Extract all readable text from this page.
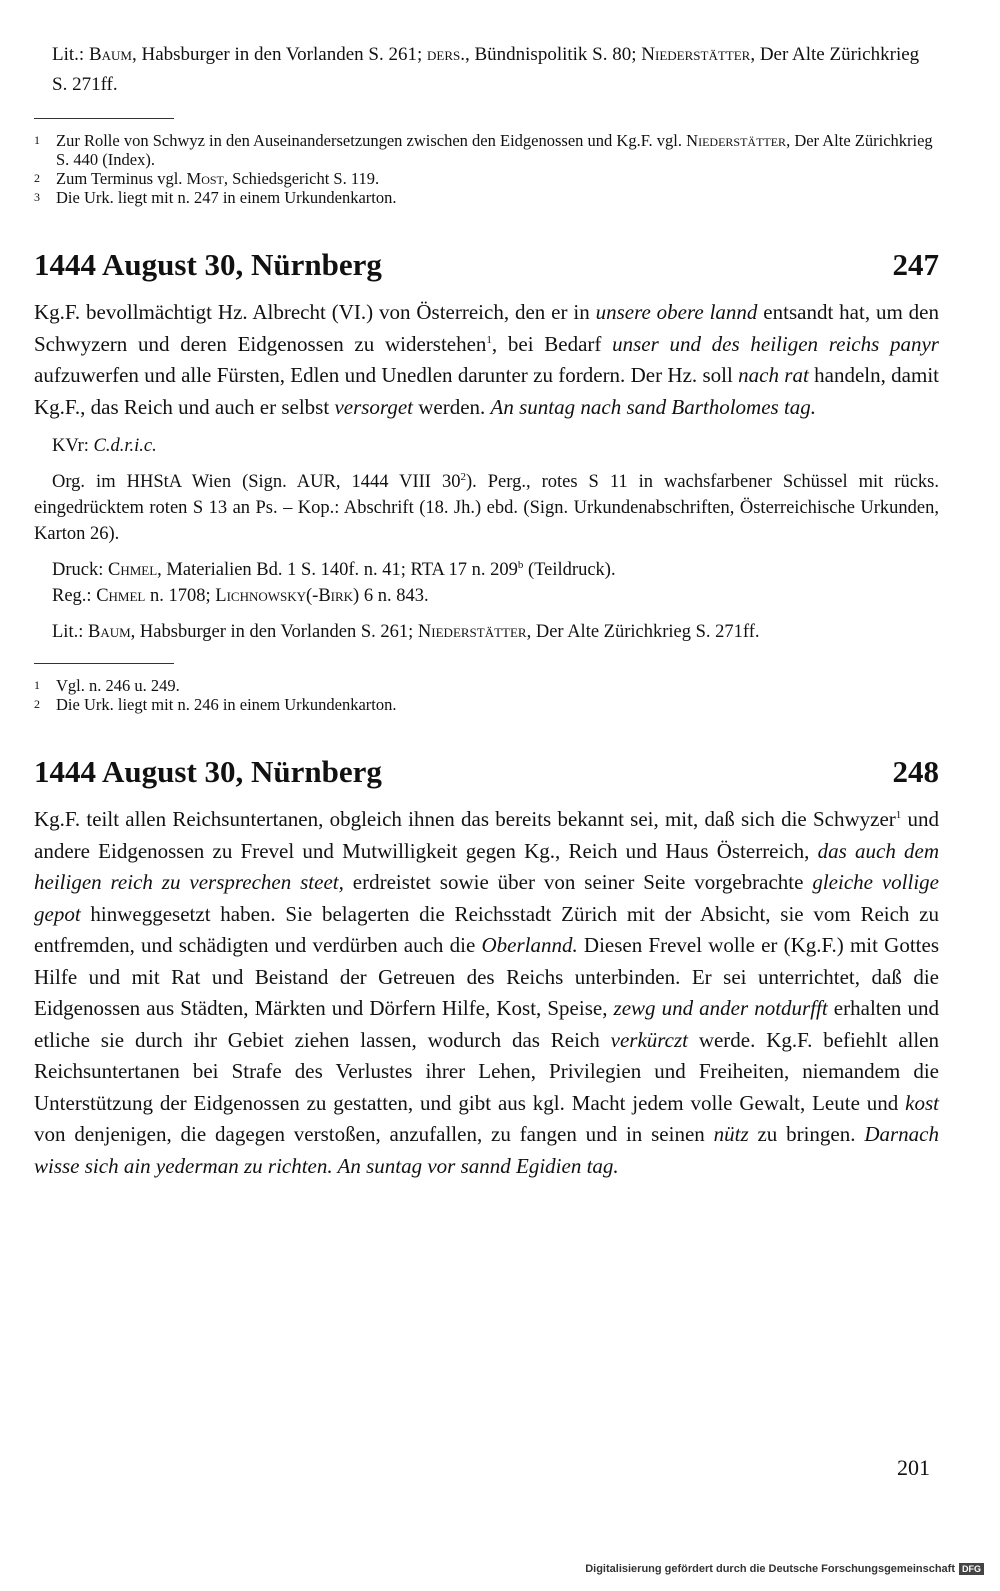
Lit.: Baum, Habsburger in den Vorlanden S. 261; ders., Bündnispolitik S. 80; Niederstätter, Der Alte Zürichkrieg S. 271ff.

1 Zur Rolle von Schwyz in den Auseinandersetzungen zwischen den Eidgenossen und Kg.F. vgl. Niederstätter, Der Alte Zürichkrieg S. 440 (Index).

2 Zum Terminus vgl. Most, Schiedsgericht S. 119.

3 Die Urk. liegt mit n. 247 in einem Urkundenkarton.

1444 August 30, Nürnberg	247

Kg.F. bevollmächtigt Hz. Albrecht (VI.) von Österreich, den er in unsere obere lannd entsandt hat, um den Schwyzern und deren Eidgenossen zu widerstehen$^1$, bei Bedarf unser und des heiligen reichs panyr aufzuwerfen und alle Fürsten, Edlen und Unedlen darunter zu fordern. Der Hz. soll nach rat handeln, damit Kg.F., das Reich und auch er selbst versorget werden. An suntag nach sand Bartholomes tag.

KVr: C.d.r.i.c.

Org. im HHStA Wien (Sign. AUR, 1444 VIII $30^2$). Perg., rotes S 11 in wachsfarbener Schüssel mit rücks. eingedrücktem roten S 13 an Ps. – Kop.: Abschrift (18. Jh.) ebd. (Sign. Urkundenabschriften, Österreichische Urkunden, Karton 26).

Druck: Chmel, Materialien Bd. 1 S. 140f. n. 41; RTA 17 n. 209$^b$ (Teildruck).

Reg.: Chmel n. 1708; Lichnowsky(-Birk) 6 n. 843.

Lit.: Baum, Habsburger in den Vorlanden S. 261; Niederstätter, Der Alte Zürichkrieg S. 271ff.

1 Vgl. n. 246 u. 249.

2 Die Urk. liegt mit n. 246 in einem Urkundenkarton.

1444 August 30, Nürnberg	248

Kg.F. teilt allen Reichsuntertanen, obgleich ihnen das bereits bekannt sei, mit, daß sich die Schwyzer$^1$ und andere Eidgenossen zu Frevel und Mutwilligkeit gegen Kg., Reich und Haus Österreich, das auch dem heiligen reich zu versprechen steet, erdreistet sowie über von seiner Seite vorgebrachte gleiche vollige gepot hinweggesetzt haben. Sie belagerten die Reichsstadt Zürich mit der Absicht, sie vom Reich zu entfremden, und schädigten und verdürben auch die Oberlannd. Diesen Frevel wolle er (Kg.F.) mit Gottes Hilfe und mit Rat und Beistand der Getreuen des Reichs unterbinden. Er sei unterrichtet, daß die Eidgenossen aus Städten, Märkten und Dörfern Hilfe, Kost, Speise, zewg und ander notdurfft erhalten und etliche sie durch ihr Gebiet ziehen lassen, wodurch das Reich verkürczt werde. Kg.F. befiehlt allen Reichsuntertanen bei Strafe des Verlustes ihrer Lehen, Privilegien und Freiheiten, niemandem die Unterstützung der Eidgenossen zu gestatten, und gibt aus kgl. Macht jedem volle Gewalt, Leute und kost von denjenigen, die dagegen verstoßen, anzufallen, zu fangen und in seinen nütz zu bringen. Darnach wisse sich ain yederman zu richten. An suntag vor sannd Egidien tag.

201
Digitalisierung gefördert durch die Deutsche Forschungsgemeinschaft DFG
